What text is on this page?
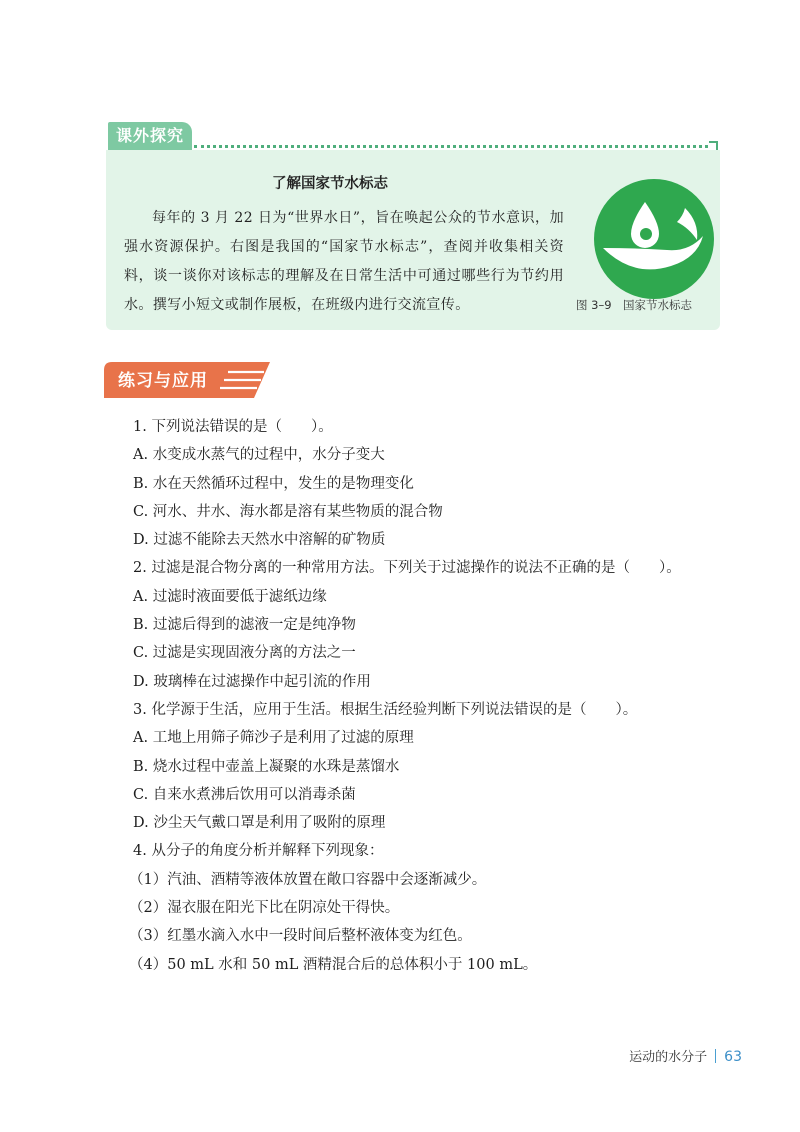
课外探究
了解国家节水标志

每年的 3 月 22 日为“世界水日”，旨在唤起公众的节水意识，加强水资源保护。右图是我国的“国家节水标志”，查阅并收集相关资料，谈一谈你对该标志的理解及在日常生活中可通过哪些行为节约用水。撰写小短文或制作展板，在班级内进行交流宣传。	图 3–9　国家节水标志
练习与应用
1. 下列说法错误的是（　　）。
A. 水变成水蒸气的过程中，水分子变大
B. 水在天然循环过程中，发生的是物理变化
C. 河水、井水、海水都是溶有某些物质的混合物
D. 过滤不能除去天然水中溶解的矿物质
2. 过滤是混合物分离的一种常用方法。下列关于过滤操作的说法不正确的是（　　）。
A. 过滤时液面要低于滤纸边缘
B. 过滤后得到的滤液一定是纯净物
C. 过滤是实现固液分离的方法之一
D. 玻璃棒在过滤操作中起引流的作用
3. 化学源于生活，应用于生活。根据生活经验判断下列说法错误的是（　　）。
A. 工地上用筛子筛沙子是利用了过滤的原理
B. 烧水过程中壶盖上凝聚的水珠是蒸馏水
C. 自来水煮沸后饮用可以消毒杀菌
D. 沙尘天气戴口罩是利用了吸附的原理
4. 从分子的角度分析并解释下列现象：
（1）汽油、酒精等液体放置在敞口容器中会逐渐减少。
（2）湿衣服在阳光下比在阴凉处干得快。
（3）红墨水滴入水中一段时间后整杯液体变为红色。
（4）50 mL 水和 50 mL 酒精混合后的总体积小于 100 mL。
运动的水分子 63
